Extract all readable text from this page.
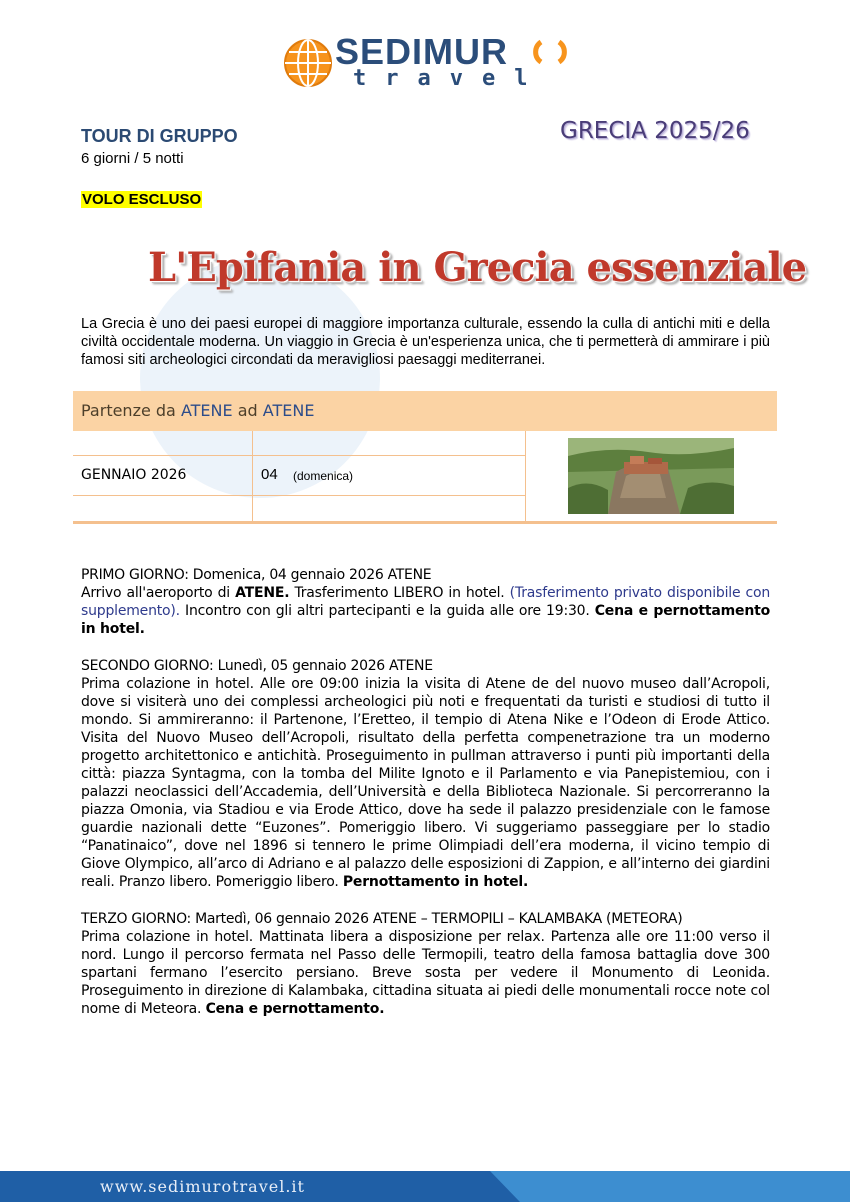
SEDIMUR
travel
TOUR DI GRUPPO
6 giorni / 5 notti
VOLO ESCLUSO
GRECIA 2025/26
L'Epifania in Grecia essenziale
La Grecia è uno dei paesi europei di maggiore importanza culturale, essendo la culla di antichi miti e della civiltà occidentale moderna. Un viaggio in Grecia è un'esperienza unica, che ti permetterà di ammirare i più famosi siti archeologici circondati da meravigliosi paesaggi mediterranei.
Partenze da ATENE ad ATENE
GENNAIO 2026	04 (domenica)
PRIMO GIORNO: Domenica, 04 gennaio 2026 ATENE
Arrivo all'aeroporto di ATENE. Trasferimento LIBERO in hotel. (Trasferimento privato disponibile con supplemento). Incontro con gli altri partecipanti e la guida alle ore 19:30. Cena e pernottamento in hotel.
SECONDO GIORNO: Lunedì, 05 gennaio 2026 ATENE
Prima colazione in hotel. Alle ore 09:00 inizia la visita di Atene de del nuovo museo dall’Acropoli, dove si visiterà uno dei complessi archeologici più noti e frequentati da turisti e studiosi di tutto il mondo. Si ammireranno: il Partenone, l’Eretteo, il tempio di Atena Nike e l’Odeon di Erode Attico. Visita del Nuovo Museo dell’Acropoli, risultato della perfetta compenetrazione tra un moderno progetto architettonico e antichità. Proseguimento in pullman attraverso i punti più importanti della città: piazza Syntagma, con la tomba del Milite Ignoto e il Parlamento e via Panepistemiou, con i palazzi neoclassici dell’Accademia, dell’Università e della Biblioteca Nazionale. Si percorreranno la piazza Omonia, via Stadiou e via Erode Attico, dove ha sede il palazzo presidenziale con le famose guardie nazionali dette “Euzones”. Pomeriggio libero. Vi suggeriamo passeggiare per lo stadio “Panatinaico”, dove nel 1896 si tennero le prime Olimpiadi dell’era moderna, il vicino tempio di Giove Olympico, all’arco di Adriano e al palazzo delle esposizioni di Zappion, e all’interno dei giardini reali. Pranzo libero. Pomeriggio libero. Pernottamento in hotel.
TERZO GIORNO: Martedì, 06 gennaio 2026 ATENE – TERMOPILI – KALAMBAKA (METEORA)
Prima colazione in hotel. Mattinata libera a disposizione per relax. Partenza alle ore 11:00 verso il nord. Lungo il percorso fermata nel Passo delle Termopili, teatro della famosa battaglia dove 300 spartani fermano l’esercito persiano. Breve sosta per vedere il Monumento di Leonida. Proseguimento in direzione di Kalambaka, cittadina situata ai piedi delle monumentali rocce note col nome di Meteora. Cena e pernottamento.
www.sedimurotravel.it
